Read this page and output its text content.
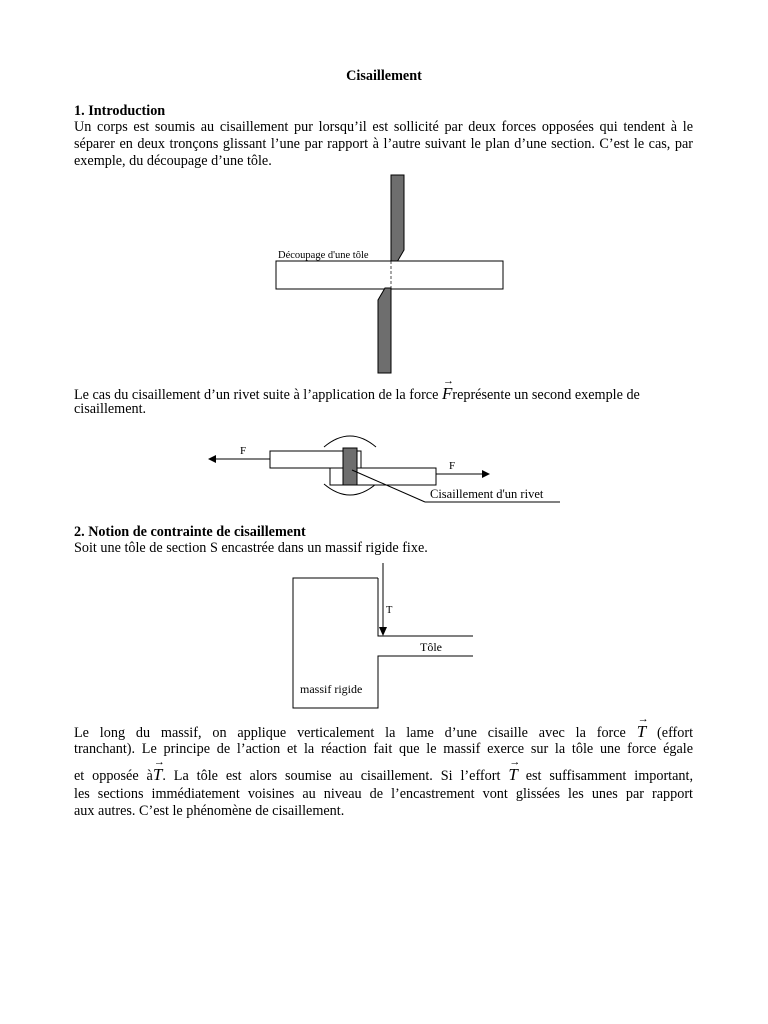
Cisaillement
1. Introduction
Un corps est soumis au cisaillement pur lorsqu’il est sollicité par deux forces opposées qui tendent à le séparer en deux tronçons glissant l’une par rapport à l’autre suivant le plan d’une section. C’est le cas, par exemple, du découpage d’une tôle.
Découpage d'une tôle
Le cas du cisaillement d’un rivet suite à l’application de la force
→
Freprésente un second exemple de
cisaillement.
F
F
Cisaillement d'un rivet
2. Notion de contrainte de cisaillement
Soit une tôle de section S encastrée dans un massif rigide fixe.
T
Tôle
massif rigide
Le long du massif, on applique verticalement la lame d’une cisaille avec la force
→
T (effort
tranchant). Le principe de l’action et la réaction fait que le massif exerce sur la tôle une force égale
et opposée à
→
T. La tôle est alors soumise au cisaillement. Si l’effort
→
T est suffisamment important,
les sections immédiatement voisines au niveau de l’encastrement vont glissées les unes par rapport
aux autres. C’est le phénomène de cisaillement.
